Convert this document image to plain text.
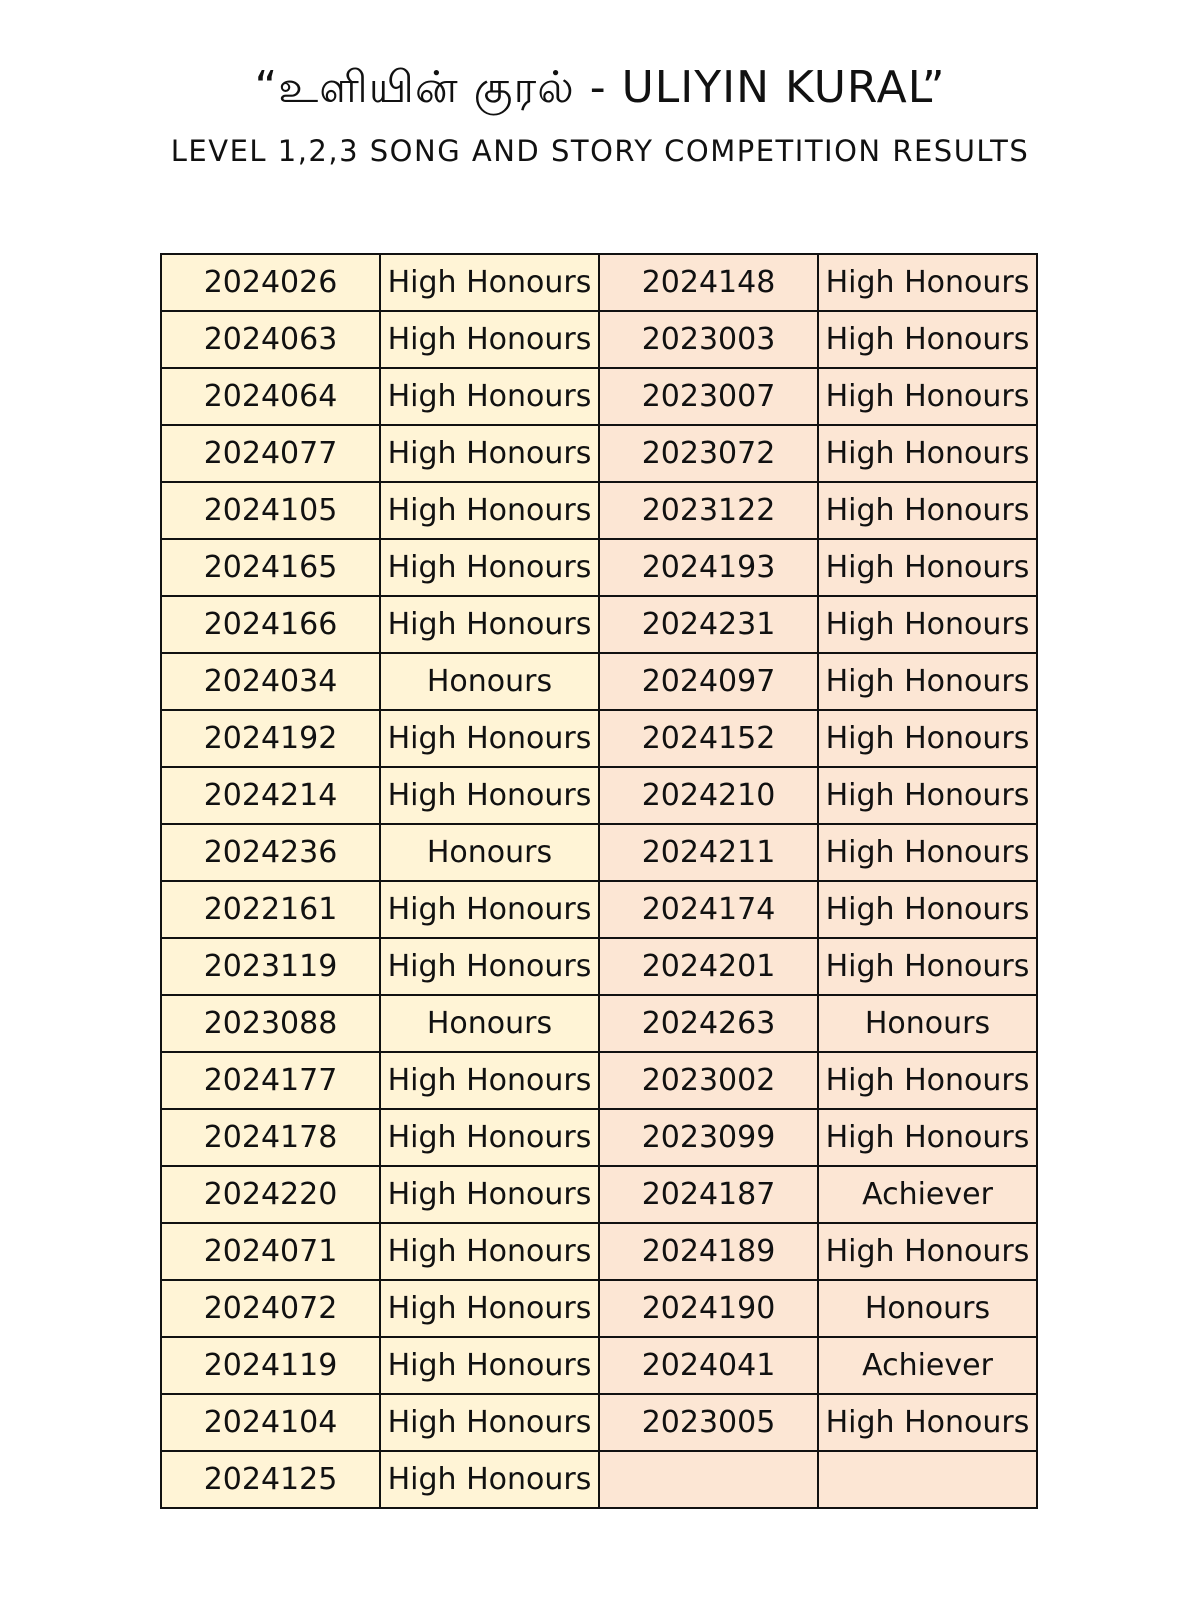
“உளியின் குரல் - ULIYIN KURAL”
LEVEL 1,2,3 SONG AND STORY COMPETITION RESULTS
2024026	High Honours	2024148	High Honours
2024063	High Honours	2023003	High Honours
2024064	High Honours	2023007	High Honours
2024077	High Honours	2023072	High Honours
2024105	High Honours	2023122	High Honours
2024165	High Honours	2024193	High Honours
2024166	High Honours	2024231	High Honours
2024034	Honours	2024097	High Honours
2024192	High Honours	2024152	High Honours
2024214	High Honours	2024210	High Honours
2024236	Honours	2024211	High Honours
2022161	High Honours	2024174	High Honours
2023119	High Honours	2024201	High Honours
2023088	Honours	2024263	Honours
2024177	High Honours	2023002	High Honours
2024178	High Honours	2023099	High Honours
2024220	High Honours	2024187	Achiever
2024071	High Honours	2024189	High Honours
2024072	High Honours	2024190	Honours
2024119	High Honours	2024041	Achiever
2024104	High Honours	2023005	High Honours
2024125	High Honours		
